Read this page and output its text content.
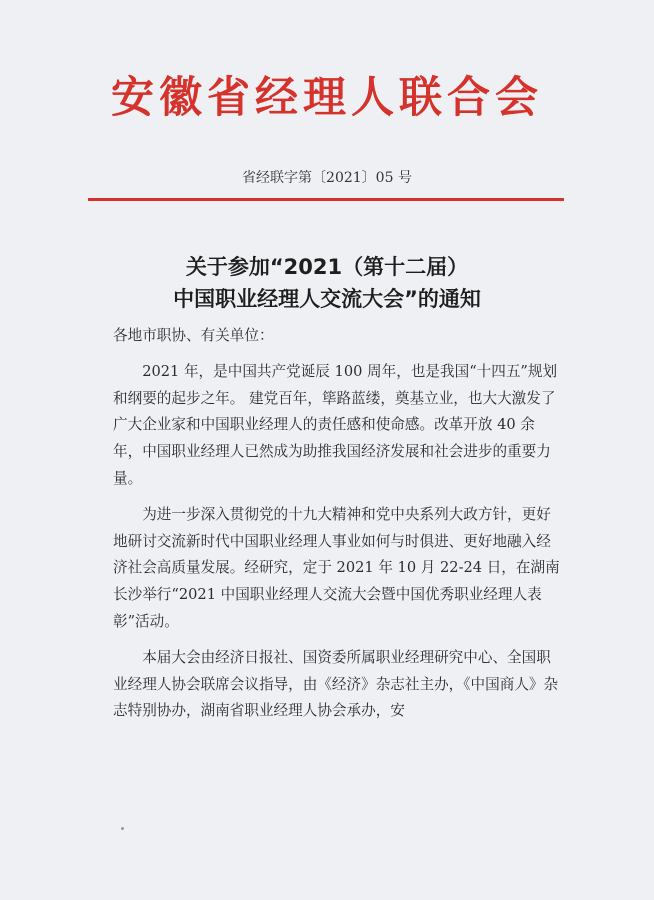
安徽省经理人联合会

省经联字第〔2021〕05 号

关于参加“2021（第十二届）
中国职业经理人交流大会”的通知

各地市职协、有关单位：

2021 年，是中国共产党诞辰 100 周年，也是我国“十四五”规划和纲要的起步之年。 建党百年，筚路蓝缕，奠基立业，也大大激发了广大企业家和中国职业经理人的责任感和使命感。改革开放 40 余年，中国职业经理人已然成为助推我国经济发展和社会进步的重要力量。

为进一步深入贯彻党的十九大精神和党中央系列大政方针，更好地研讨交流新时代中国职业经理人事业如何与时俱进、更好地融入经济社会高质量发展。经研究，定于 2021 年 10 月 22-24 日，在湖南长沙举行“2021 中国职业经理人交流大会暨中国优秀职业经理人表彰”活动。

本届大会由经济日报社、国资委所属职业经理研究中心、全国职业经理人协会联席会议指导，由《经济》杂志社主办，《中国商人》杂志特别协办，湖南省职业经理人协会承办，安
